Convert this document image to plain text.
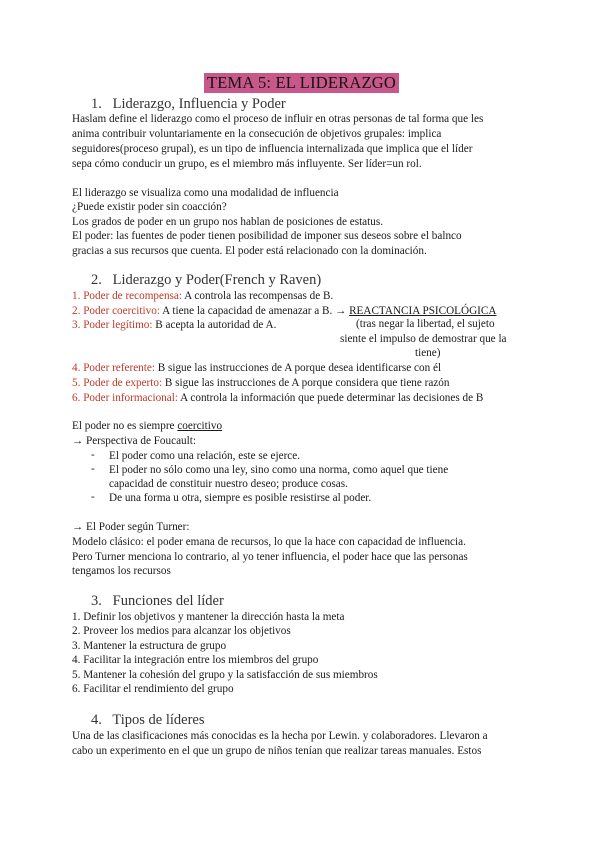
TEMA 5: EL LIDERAZGO
1. Liderazgo, Influencia y Poder
Haslam define el liderazgo como el proceso de influir en otras personas de tal forma que les
anima contribuir voluntariamente en la consecución de objetivos grupales: implica
seguidores(proceso grupal), es un tipo de influencia internalizada que implica que el líder
sepa cómo conducir un grupo, es el miembro más influyente. Ser líder=un rol.
El liderazgo se visualiza como una modalidad de influencia
¿Puede existir poder sin coacción?
Los grados de poder en un grupo nos hablan de posiciones de estatus.
El poder: las fuentes de poder tienen posibilidad de imponer sus deseos sobre el balnco
gracias a sus recursos que cuenta. El poder está relacionado con la dominación.
2. Liderazgo y Poder(French y Raven)
1. Poder de recompensa: A controla las recompensas de B.
2. Poder coercitivo: A tiene la capacidad de amenazar a B. → REACTANCIA PSICOLÓGICA
3. Poder legítimo: B acepta la autoridad de A.	(tras negar la libertad, el sujeto
siente el impulso de demostrar que la
tiene)
4. Poder referente: B sigue las instrucciones de A porque desea identificarse con él
5. Poder de experto: B sigue las instrucciones de A porque considera que tiene razón
6. Poder informacional: A controla la información que puede determinar las decisiones de B
El poder no es siempre coercitivo
→ Perspectiva de Foucault:
- El poder como una relación, este se ejerce.
- El poder no sólo como una ley, sino como una norma, como aquel que tiene
capacidad de constituir nuestro deseo; produce cosas.
- De una forma u otra, siempre es posible resistirse al poder.
→ El Poder según Turner:
Modelo clásico: el poder emana de recursos, lo que la hace con capacidad de influencia.
Pero Turner menciona lo contrario, al yo tener influencia, el poder hace que las personas
tengamos los recursos
3. Funciones del líder
1. Definir los objetivos y mantener la dirección hasta la meta
2. Proveer los medios para alcanzar los objetivos
3. Mantener la estructura de grupo
4. Facilitar la integración entre los miembros del grupo
5. Mantener la cohesión del grupo y la satisfacción de sus miembros
6. Facilitar el rendimiento del grupo
4. Tipos de líderes
Una de las clasificaciones más conocidas es la hecha por Lewin. y colaboradores. Llevaron a
cabo un experimento en el que un grupo de niños tenían que realizar tareas manuales. Estos
